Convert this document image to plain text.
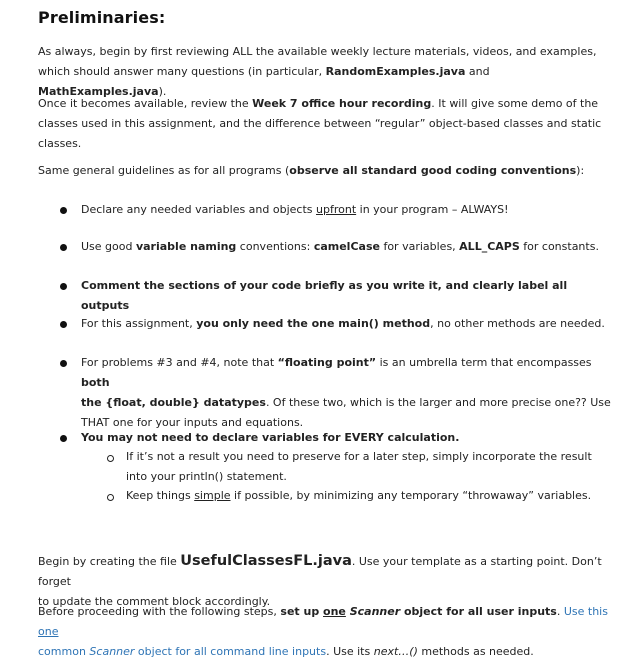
Preliminaries:
As always, begin by first reviewing ALL the available weekly lecture materials, videos, and examples,
which should answer many questions (in particular, RandomExamples.java and MathExamples.java).
Once it becomes available, review the Week 7 office hour recording. It will give some demo of the
classes used in this assignment, and the difference between “regular” object-based classes and static
classes.
Same general guidelines as for all programs (observe all standard good coding conventions):
Declare any needed variables and objects upfront in your program – ALWAYS!
Use good variable naming conventions: camelCase for variables, ALL_CAPS for constants.
Comment the sections of your code briefly as you write it, and clearly label all outputs
For this assignment, you only need the one main() method, no other methods are needed.
For problems #3 and #4, note that “floating point” is an umbrella term that encompasses both
the {float, double} datatypes. Of these two, which is the larger and more precise one?? Use
THAT one for your inputs and equations.
You may not need to declare variables for EVERY calculation.
If it’s not a result you need to preserve for a later step, simply incorporate the result
into your println() statement.
Keep things simple if possible, by minimizing any temporary “throwaway” variables.
Begin by creating the file UsefulClassesFL.java. Use your template as a starting point. Don’t forget
to update the comment block accordingly.
Before proceeding with the following steps, set up one Scanner object for all user inputs. Use this one
common Scanner object for all command line inputs. Use its next…() methods as needed.
